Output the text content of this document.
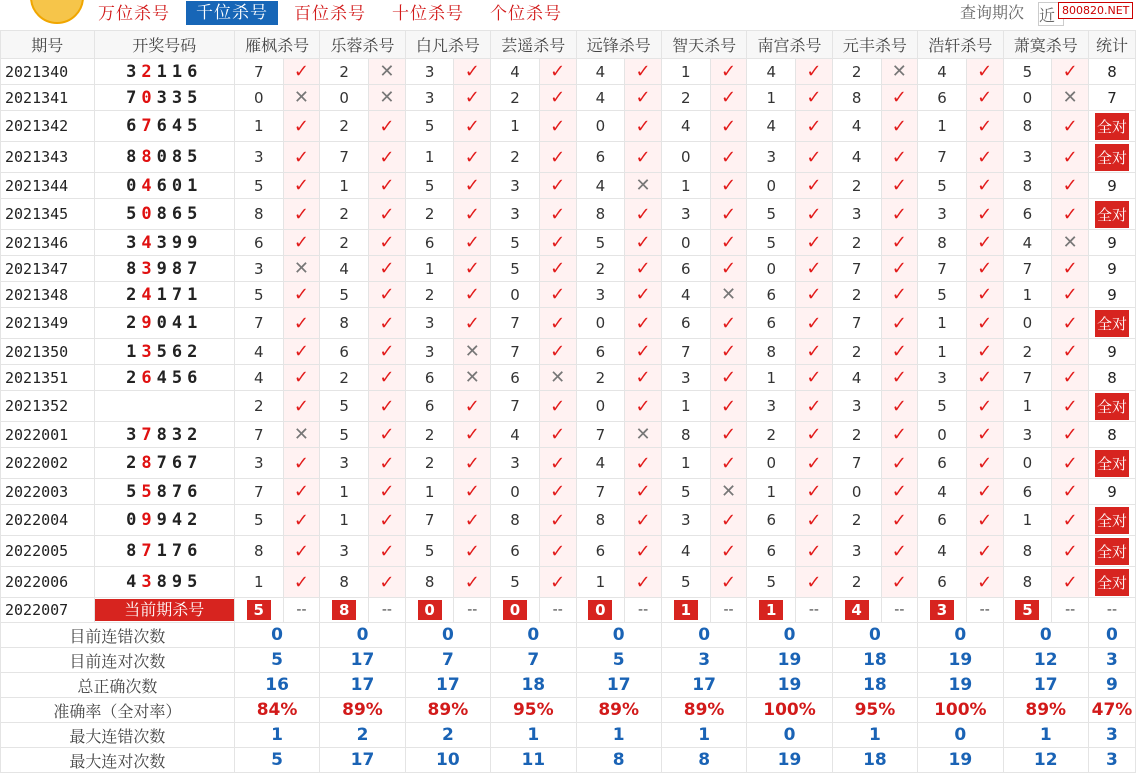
万位杀号	千位杀号	百位杀号 十位杀号 个位杀号	查询期次 近 800820.NET
期号	开奖号码	雁枫杀号		乐蓉杀号		白凡杀号		芸遥杀号		远锋杀号		智天杀号		南宫杀号		元丰杀号		浩轩杀号		萧寞杀号		统计
2021340	32116	7	✓	2	✕	3	✓	4	✓	4	✓	1	✓	4	✓	2	✕	4	✓	5	✓	8
2021341	70335	0	✕	0	✕	3	✓	2	✓	4	✓	2	✓	1	✓	8	✓	6	✓	0	✕	7
2021342	67645	1	✓	2	✓	5	✓	1	✓	0	✓	4	✓	4	✓	4	✓	1	✓	8	✓	全对
2021343	88085	3	✓	7	✓	1	✓	2	✓	6	✓	0	✓	3	✓	4	✓	7	✓	3	✓	全对
2021344	04601	5	✓	1	✓	5	✓	3	✓	4	✕	1	✓	0	✓	2	✓	5	✓	8	✓	9
2021345	50865	8	✓	2	✓	2	✓	3	✓	8	✓	3	✓	5	✓	3	✓	3	✓	6	✓	全对
2021346	34399	6	✓	2	✓	6	✓	5	✓	5	✓	0	✓	5	✓	2	✓	8	✓	4	✕	9
2021347	83987	3	✕	4	✓	1	✓	5	✓	2	✓	6	✓	0	✓	7	✓	7	✓	7	✓	9
2021348	24171	5	✓	5	✓	2	✓	0	✓	3	✓	4	✕	6	✓	2	✓	5	✓	1	✓	9
2021349	29041	7	✓	8	✓	3	✓	7	✓	0	✓	6	✓	6	✓	7	✓	1	✓	0	✓	全对
2021350	13562	4	✓	6	✓	3	✕	7	✓	6	✓	7	✓	8	✓	2	✓	1	✓	2	✓	9
2021351	26456	4	✓	2	✓	6	✕	6	✕	2	✓	3	✓	1	✓	4	✓	3	✓	7	✓	8
2021352		2	✓	5	✓	6	✓	7	✓	0	✓	1	✓	3	✓	3	✓	5	✓	1	✓	全对
2022001	37832	7	✕	5	✓	2	✓	4	✓	7	✕	8	✓	2	✓	2	✓	0	✓	3	✓	8
2022002	28767	3	✓	3	✓	2	✓	3	✓	4	✓	1	✓	0	✓	7	✓	6	✓	0	✓	全对
2022003	55876	7	✓	1	✓	1	✓	0	✓	7	✓	5	✕	1	✓	0	✓	4	✓	6	✓	9
2022004	09942	5	✓	1	✓	7	✓	8	✓	8	✓	3	✓	6	✓	2	✓	6	✓	1	✓	全对
2022005	87176	8	✓	3	✓	5	✓	6	✓	6	✓	4	✓	6	✓	3	✓	4	✓	8	✓	全对
2022006	43895	1	✓	8	✓	8	✓	5	✓	1	✓	5	✓	5	✓	2	✓	6	✓	8	✓	全对
2022007	当前期杀号	5	--	8	--	0	--	0	--	0	--	1	--	1	--	4	--	3	--	5	--	--
目前连错次数		0		0		0		0		0		0		0		0		0		0		0
目前连对次数		5		17		7		7		5		3		19		18		19		12		3
总正确次数		16		17		17		18		17		17		19		18		19		17		9
准确率（全对率）		84%		89%		89%		95%		89%		89%		100%		95%		100%		89%		47%
最大连错次数		1		2		2		1		1		1		0		1		0		1		3
最大连对次数		5		17		10		11		8		8		19		18		19		12		3
